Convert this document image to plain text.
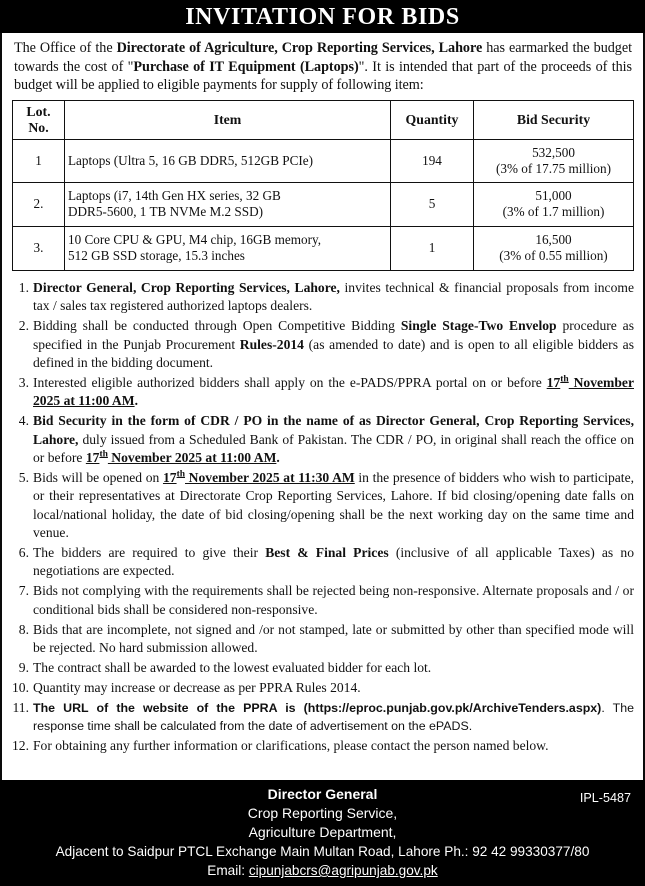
INVITATION FOR BIDS

The Office of the Directorate of Agriculture, Crop Reporting Services, Lahore has earmarked the budget towards the cost of "Purchase of IT Equipment (Laptops)". It is intended that part of the proceeds of this budget will be applied to eligible payments for supply of following item:

Lot.
No.	Item	Quantity	Bid Security
1	Laptops (Ultra 5, 16 GB DDR5, 512GB PCIe)	194	532,500
(3% of 17.75 million)
2.	Laptops (i7, 14th Gen HX series, 32 GB
DDR5-5600, 1 TB NVMe M.2 SSD)	5	51,000
(3% of 1.7 million)
3.	10 Core CPU & GPU, M4 chip, 16GB memory,
512 GB SSD storage, 15.3 inches	1	16,500
(3% of 0.55 million)
1. Director General, Crop Reporting Services, Lahore, invites technical & financial proposals from income tax / sales tax registered authorized laptops dealers.
2. Bidding shall be conducted through Open Competitive Bidding Single Stage-Two Envelop procedure as specified in the Punjab Procurement Rules-2014 (as amended to date) and is open to all eligible bidders as defined in the bidding document.
3. Interested eligible authorized bidders shall apply on the e-PADS/PPRA portal on or before 17th November 2025 at 11:00 AM.
4. Bid Security in the form of CDR / PO in the name of as Director General, Crop Reporting Services, Lahore, duly issued from a Scheduled Bank of Pakistan. The CDR / PO, in original shall reach the office on or before 17th November 2025 at 11:00 AM.
5. Bids will be opened on 17th November 2025 at 11:30 AM in the presence of bidders who wish to participate, or their representatives at Directorate Crop Reporting Services, Lahore. If bid closing/opening date falls on local/national holiday, the date of bid closing/opening shall be the next working day on the same time and venue.
6. The bidders are required to give their Best & Final Prices (inclusive of all applicable Taxes) as no negotiations are expected.
7. Bids not complying with the requirements shall be rejected being non-responsive. Alternate proposals and / or conditional bids shall be considered non-responsive.
8. Bids that are incomplete, not signed and /or not stamped, late or submitted by other than specified mode will be rejected. No hard submission allowed.
9. The contract shall be awarded to the lowest evaluated bidder for each lot.
10. Quantity may increase or decrease as per PPRA Rules 2014.
11. The URL of the website of the PPRA is (https://eproc.punjab.gov.pk/ArchiveTenders.aspx). The response time shall be calculated from the date of advertisement on the ePADS.
12. For obtaining any further information or clarifications, please contact the person named below.
Director General
Crop Reporting Service,
Agriculture Department,
Adjacent to Saidpur PTCL Exchange Main Multan Road, Lahore Ph.: 92 42 99330377/80
Email: cipunjabcrs@agripunjab.gov.pk
IPL-5487
